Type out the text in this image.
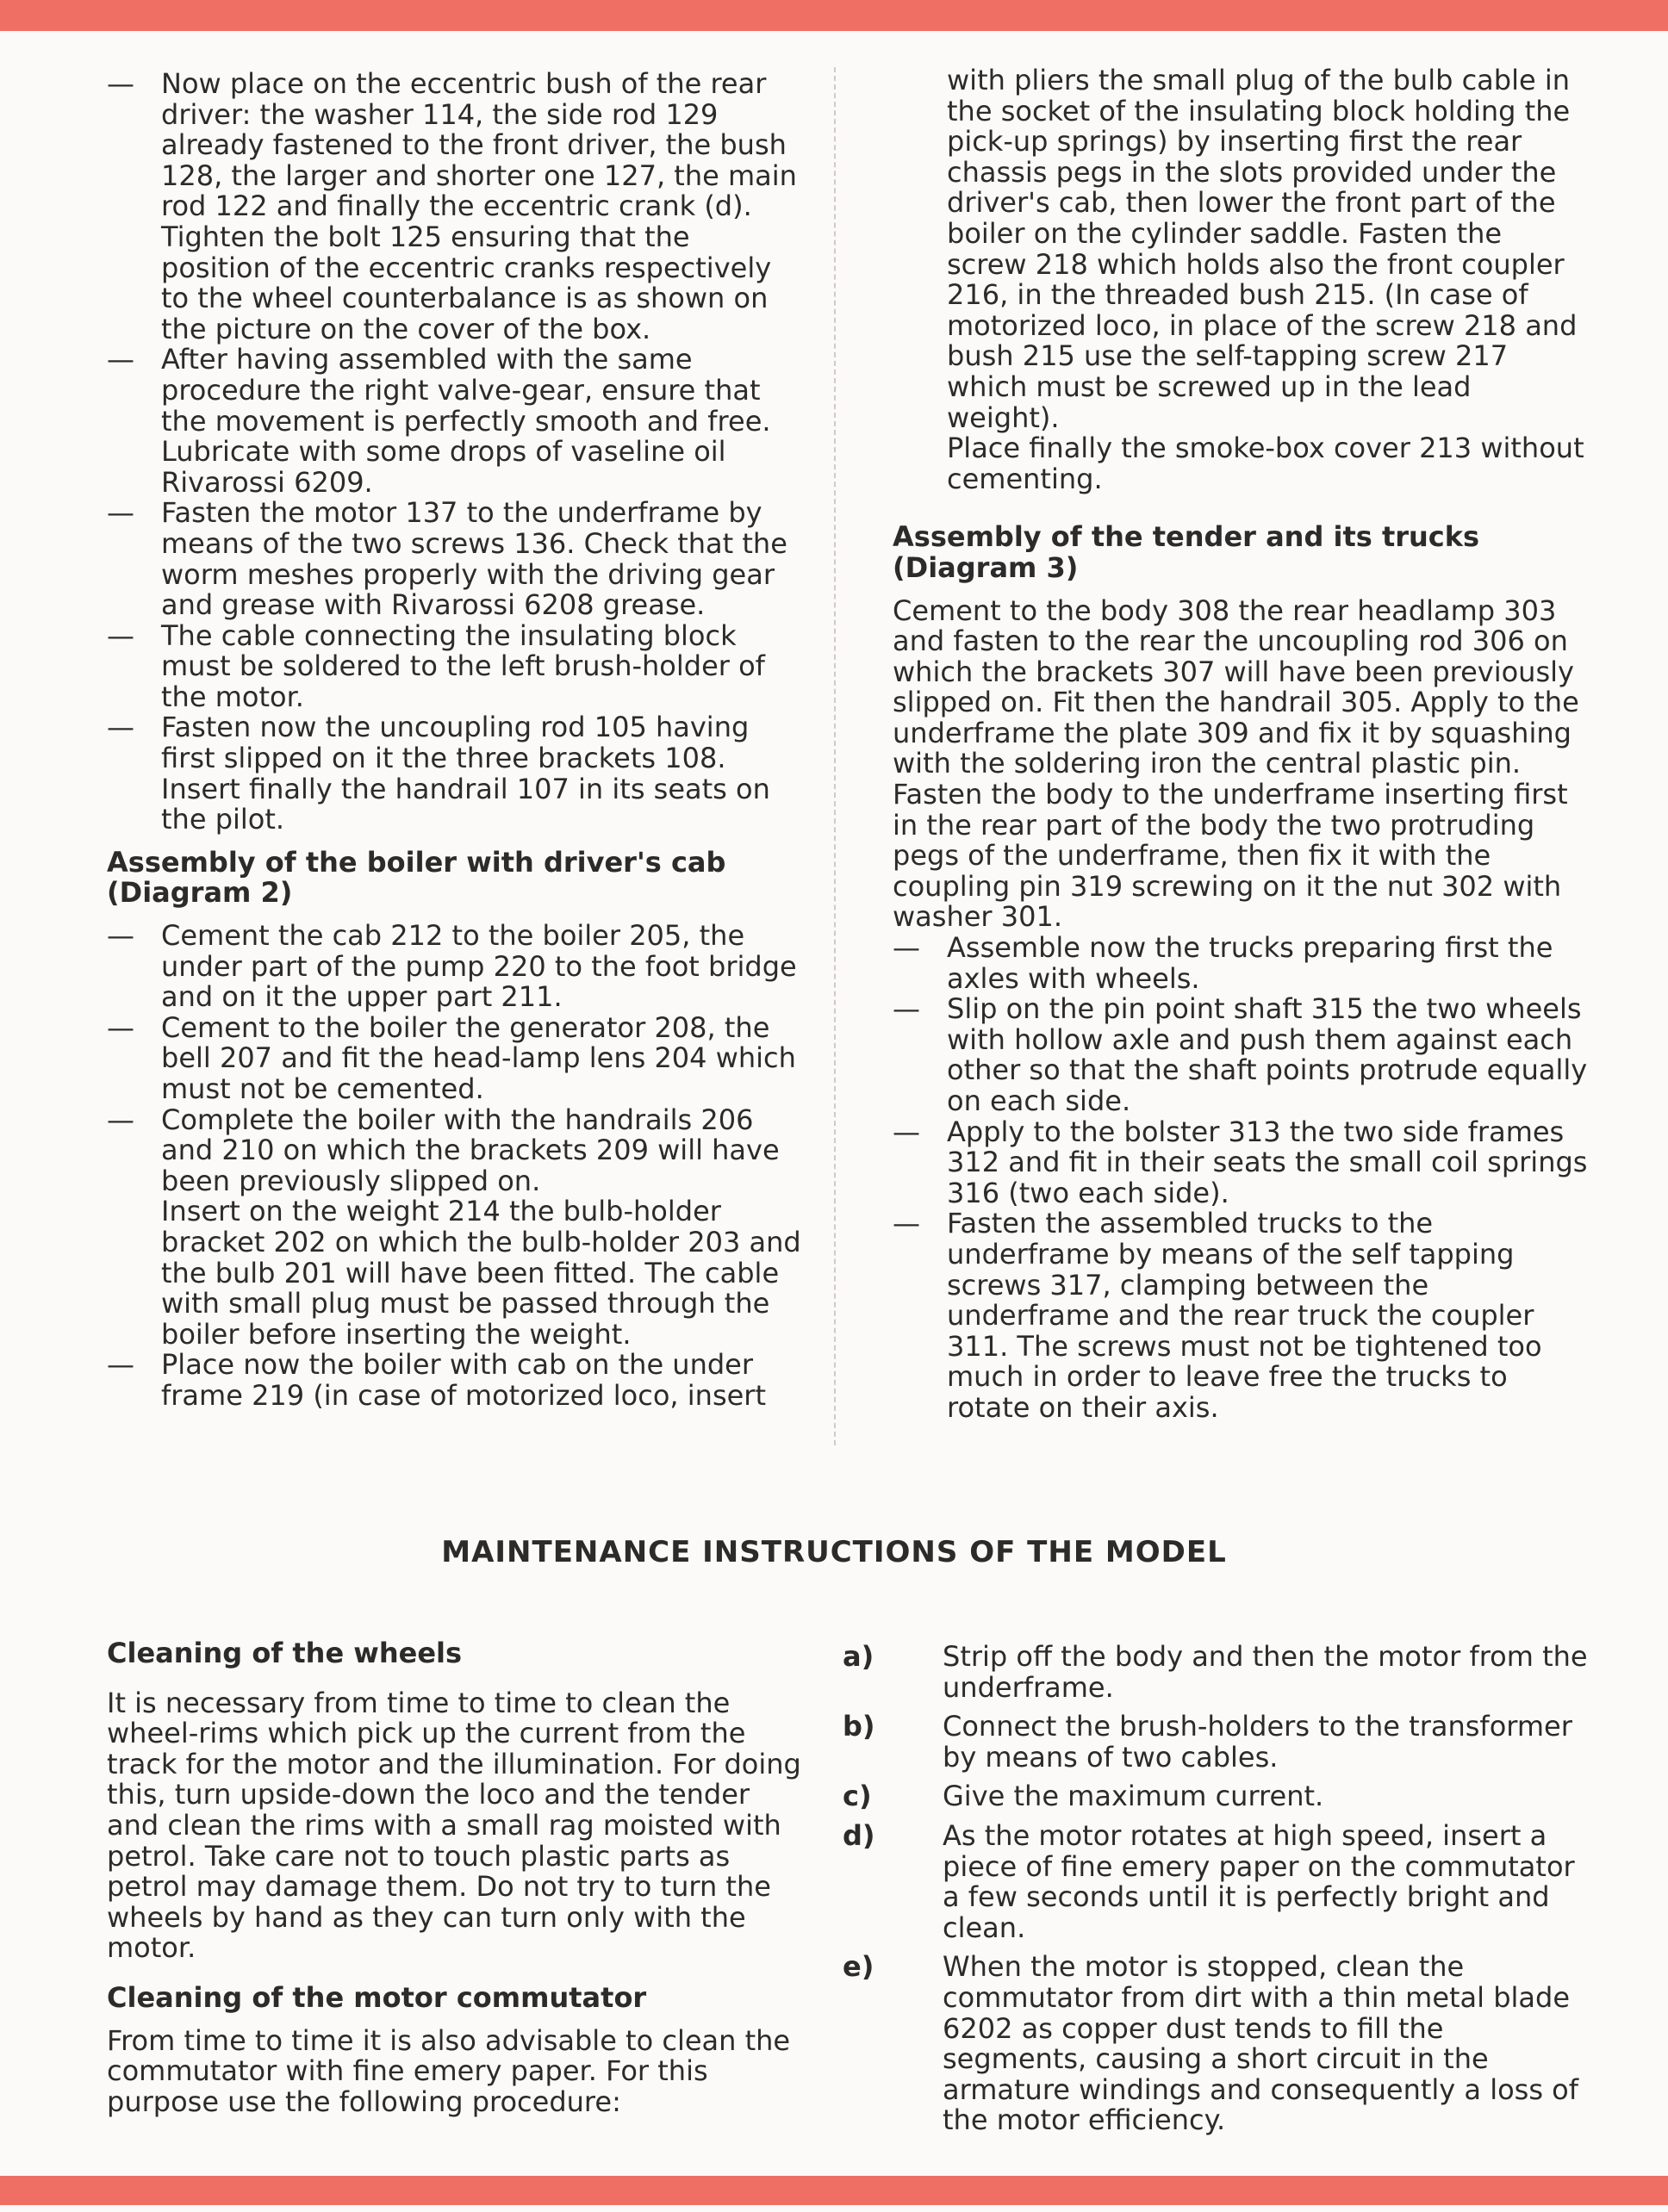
— Now place on the eccentric bush of the rear driver: the washer 114, the side rod 129 already fastened to the front driver, the bush 128, the larger and shorter one 127, the main rod 122 and finally the eccentric crank (d). Tighten the bolt 125 ensuring that the position of the eccentric cranks respectively to the wheel counterbalance is as shown on the picture on the cover of the box.

— After having assembled with the same procedure the right valve-gear, ensure that the movement is perfectly smooth and free. Lubricate with some drops of vaseline oil Rivarossi 6209.

— Fasten the motor 137 to the underframe by means of the two screws 136. Check that the worm meshes properly with the driving gear and grease with Rivarossi 6208 grease.

— The cable connecting the insulating block must be soldered to the left brush-holder of the motor.

— Fasten now the uncoupling rod 105 having first slipped on it the three brackets 108. Insert finally the handrail 107 in its seats on the pilot.

Assembly of the boiler with driver's cab

(Diagram 2)

— Cement the cab 212 to the boiler 205, the under part of the pump 220 to the foot bridge and on it the upper part 211.

— Cement to the boiler the generator 208, the bell 207 and fit the head-lamp lens 204 which must not be cemented.

— Complete the boiler with the handrails 206 and 210 on which the brackets 209 will have been previously slipped on.

Insert on the weight 214 the bulb-holder bracket 202 on which the bulb-holder 203 and the bulb 201 will have been fitted. The cable with small plug must be passed through the boiler before inserting the weight.

— Place now the boiler with cab on the under frame 219 (in case of motorized loco, insert

with pliers the small plug of the bulb cable in the socket of the insulating block holding the pick-up springs) by inserting first the rear chassis pegs in the slots provided under the driver's cab, then lower the front part of the boiler on the cylinder saddle. Fasten the screw 218 which holds also the front coupler 216, in the threaded bush 215. (In case of motorized loco, in place of the screw 218 and bush 215 use the self-tapping screw 217 which must be screwed up in the lead weight).

Place finally the smoke-box cover 213 without cementing.

Assembly of the tender and its trucks

(Diagram 3)

Cement to the body 308 the rear headlamp 303 and fasten to the rear the uncoupling rod 306 on which the brackets 307 will have been previously slipped on. Fit then the handrail 305. Apply to the underframe the plate 309 and fix it by squashing with the soldering iron the central plastic pin.

Fasten the body to the underframe inserting first in the rear part of the body the two protruding pegs of the underframe, then fix it with the coupling pin 319 screwing on it the nut 302 with washer 301.

— Assemble now the trucks preparing first the axles with wheels.

— Slip on the pin point shaft 315 the two wheels with hollow axle and push them against each other so that the shaft points protrude equally on each side.

— Apply to the bolster 313 the two side frames 312 and fit in their seats the small coil springs 316 (two each side).

— Fasten the assembled trucks to the underframe by means of the self tapping screws 317, clamping between the underframe and the rear truck the coupler 311. The screws must not be tightened too much in order to leave free the trucks to rotate on their axis.

MAINTENANCE INSTRUCTIONS OF THE MODEL

Cleaning of the wheels

It is necessary from time to time to clean the wheel-rims which pick up the current from the track for the motor and the illumination. For doing this, turn upside-down the loco and the tender and clean the rims with a small rag moisted with petrol. Take care not to touch plastic parts as petrol may damage them. Do not try to turn the wheels by hand as they can turn only with the motor.

Cleaning of the motor commutator

From time to time it is also advisable to clean the commutator with fine emery paper. For this purpose use the following procedure:

a) Strip off the body and then the motor from the underframe.

b) Connect the brush-holders to the transformer by means of two cables.

c)	Give the maximum current.

d) As the motor rotates at high speed, insert a piece of fine emery paper on the commutator a few seconds until it is perfectly bright and clean.

e) When the motor is stopped, clean the commutator from dirt with a thin metal blade 6202 as copper dust tends to fill the segments, causing a short circuit in the armature windings and consequently a loss of the motor efficiency.
